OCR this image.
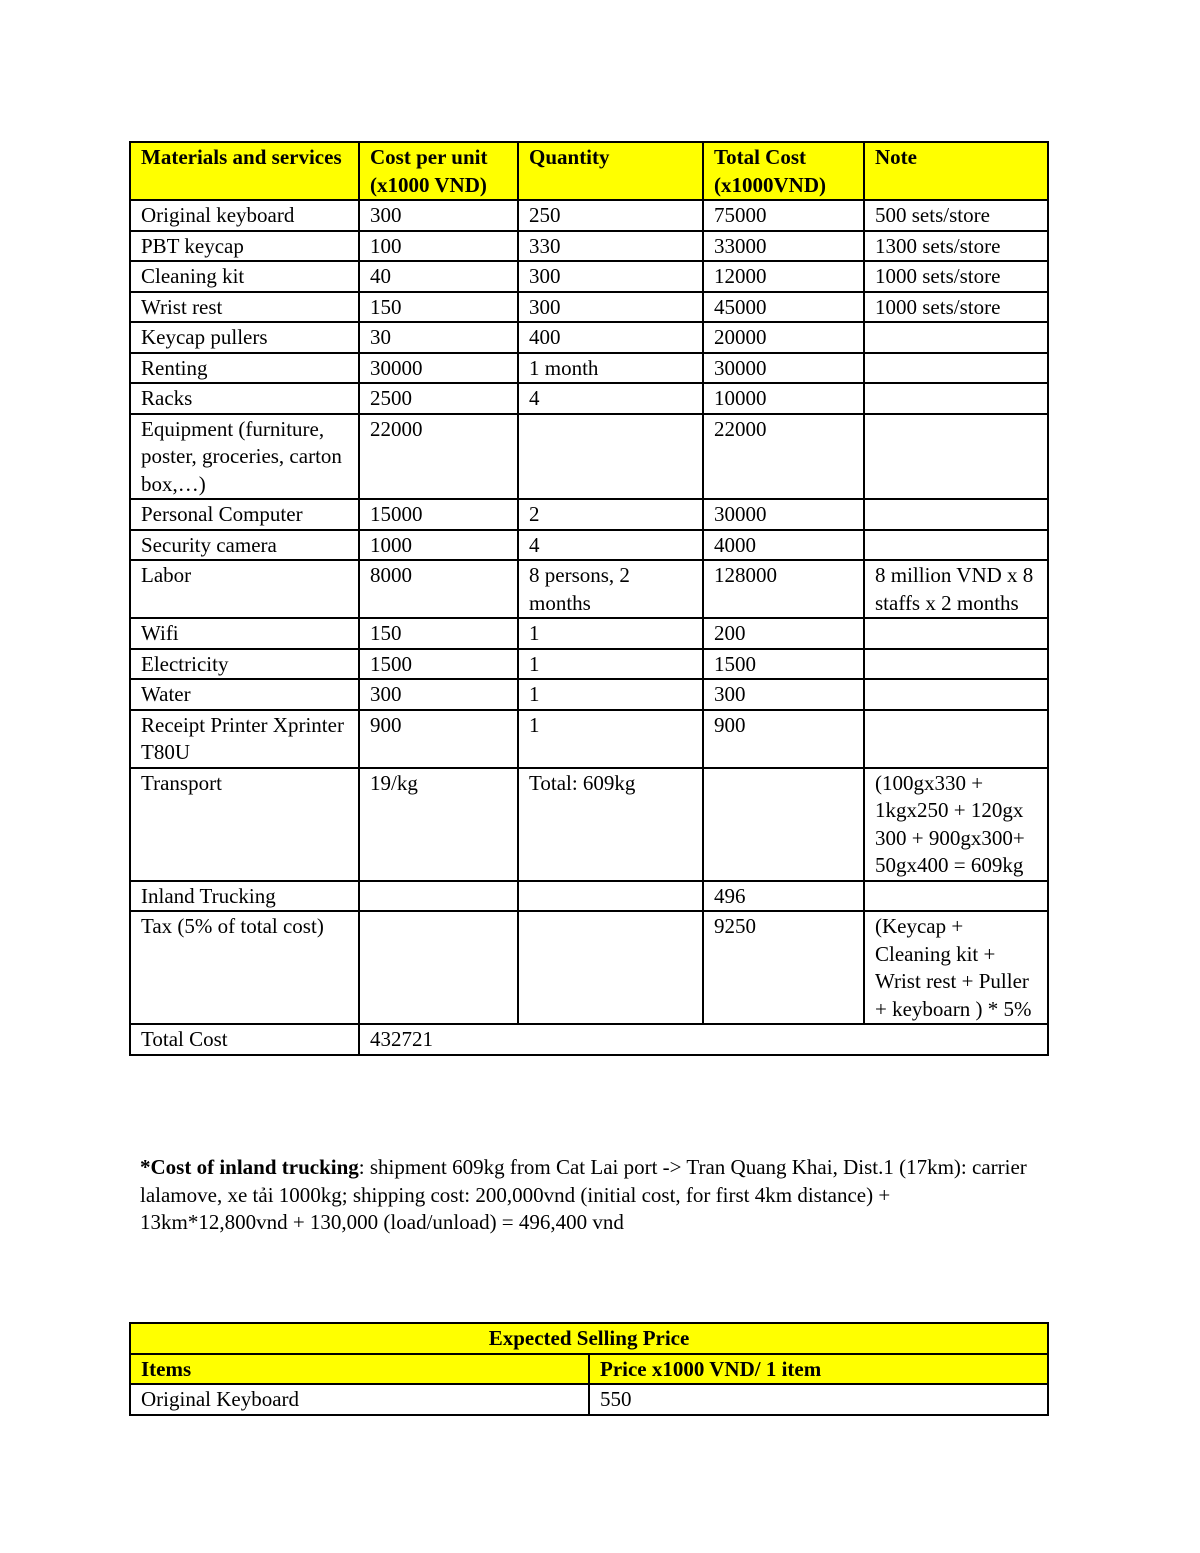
Materials and services	Cost per unit (x1000 VND)	Quantity	Total Cost (x1000VND)	Note
Original keyboard	300	250	75000	500 sets/store
PBT keycap	100	330	33000	1300 sets/store
Cleaning kit	40	300	12000	1000 sets/store
Wrist rest	150	300	45000	1000 sets/store
Keycap pullers	30	400	20000	
Renting	30000	1 month	30000	
Racks	2500	4	10000	
Equipment (furniture, poster, groceries, carton box,…)	22000		22000	
Personal Computer	15000	2	30000	
Security camera	1000	4	4000	
Labor	8000	8 persons, 2 months	128000	8 million VND x 8 staffs x 2 months
Wifi	150	1	200	
Electricity	1500	1	1500	
Water	300	1	300	
Receipt Printer Xprinter T80U	900	1	900	
Transport	19/kg	Total: 609kg		(100gx330 + 1kgx250 + 120gx 300 + 900gx300+ 50gx400 = 609kg
Inland Trucking			496	
Tax (5% of total cost)			9250	(Keycap + Cleaning kit + Wrist rest + Puller + keyboarn ) * 5%
Total Cost	432721			
*Cost of inland trucking: shipment 609kg from Cat Lai port -> Tran Quang Khai, Dist.1 (17km): carrier lalamove, xe tải 1000kg; shipping cost: 200,000vnd (initial cost, for first 4km distance) + 13km*12,800vnd + 130,000 (load/unload) = 496,400 vnd
Expected Selling Price	
Items	Price x1000 VND/ 1 item
Original Keyboard	550
